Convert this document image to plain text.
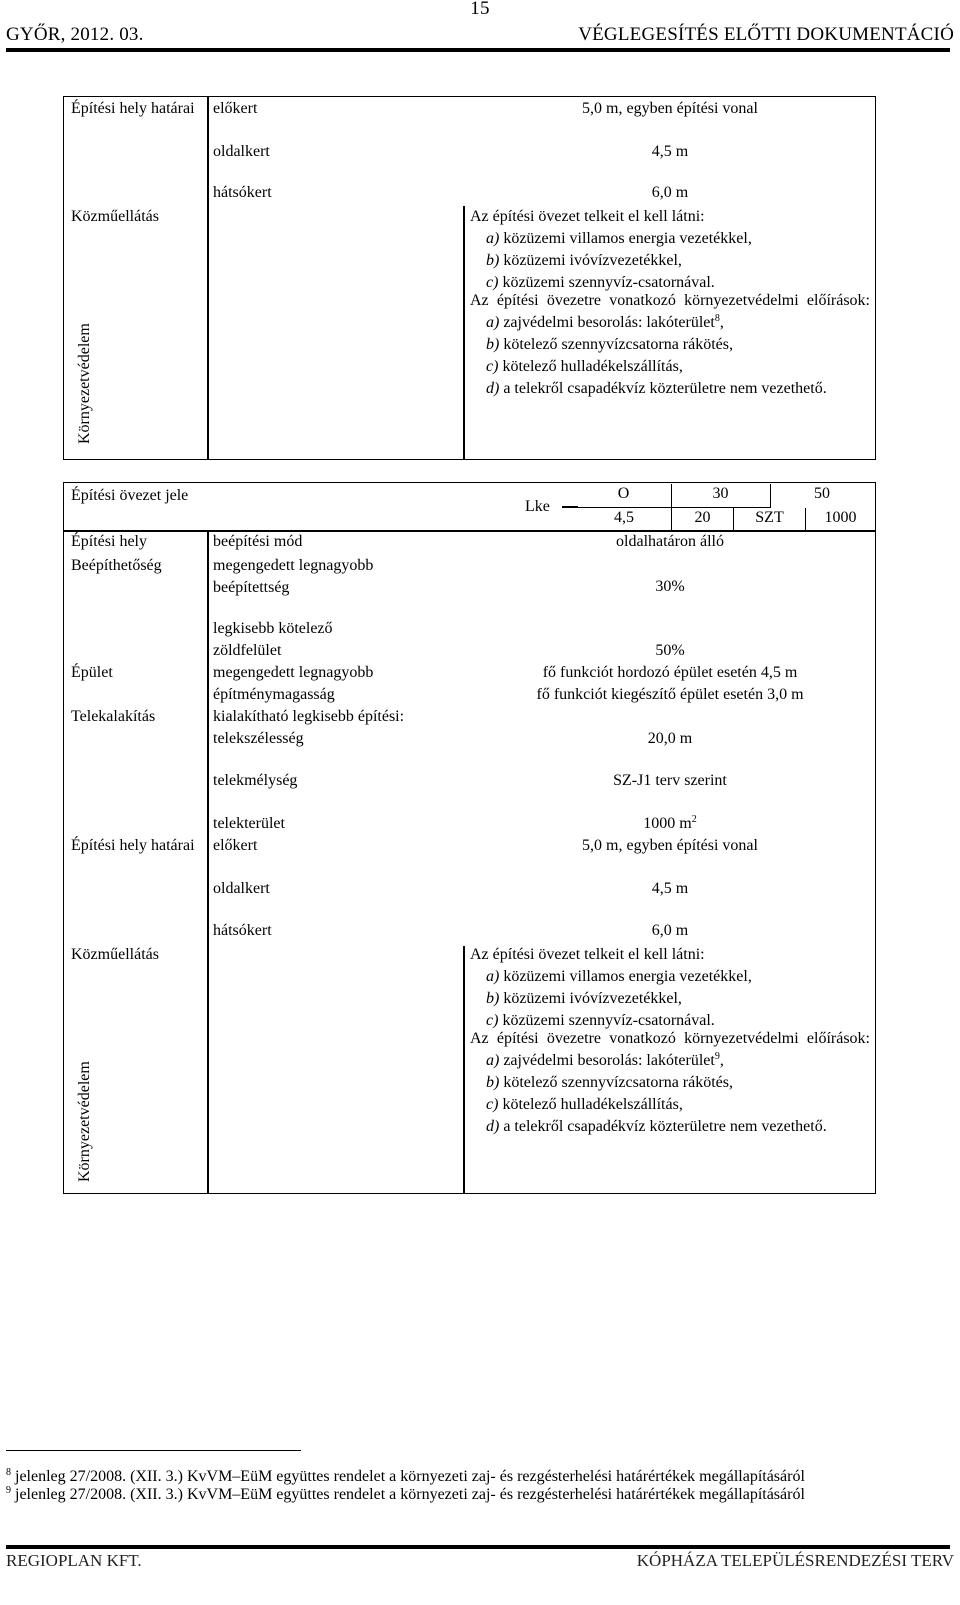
15
GYŐR, 2012. 03.	VÉGLEGESÍTÉS ELŐTTI DOKUMENTÁCIÓ
Építési hely határai	előkert	5,0 m, egyben építési vonal
oldalkert	4,5 m
hátsókert	6,0 m
Közműellátás	Az építési övezet telkeit el kell látni:
a) közüzemi villamos energia vezetékkel,
b) közüzemi ivóvízvezetékkel,
c) közüzemi szennyvíz-csatornával.
Környezetvédelem

Az építési övezetre vonatkozó környezetvédelmi előírások:

a) zajvédelmi besorolás: lakóterület$^8$,

b) kötelező szennyvízcsatorna rákötés,

c) kötelező hulladékelszállítás,

d) a telekről csapadékvíz közterületre nem vezethető.

Építési övezet jele
Lke
O	30	50
4,5	20	SZT	1000
Építési hely	beépítési mód	oldalhatáron álló
Beépíthetőség	megengedett legnagyobb beépítettség	30%
legkisebb kötelező zöldfelület	50%
Épület	megengedett legnagyobb építménymagasság
fő funkciót hordozó épület esetén 4,5 m
fő funkciót kiegészítő épület esetén 3,0 m
Telekalakítás	kialakítható legkisebb építési: telekszélesség	20,0 m
telekmélység	SZ-J1 terv szerint
telekterület	1000 $m^2$
Építési hely határai	előkert	5,0 m, egyben építési vonal
oldalkert	4,5 m
hátsókert	6,0 m
Közműellátás	Az építési övezet telkeit el kell látni:
a) közüzemi villamos energia vezetékkel,
b) közüzemi ivóvízvezetékkel,
c) közüzemi szennyvíz-csatornával.
Környezetvédelem

Az építési övezetre vonatkozó környezetvédelmi előírások:

a) zajvédelmi besorolás: lakóterület$^9$,

b) kötelező szennyvízcsatorna rákötés,

c) kötelező hulladékelszállítás,

d) a telekről csapadékvíz közterületre nem vezethető.

$^8$ jelenleg 27/2008. (XII. 3.) KvVM–EüM együttes rendelet a környezeti zaj- és rezgésterhelési határértékek megállapításáról
$^9$ jelenleg 27/2008. (XII. 3.) KvVM–EüM együttes rendelet a környezeti zaj- és rezgésterhelési határértékek megállapításáról
REGIOPLAN KFT.	KÓPHÁZA TELEPÜLÉSRENDEZÉSI TERV
